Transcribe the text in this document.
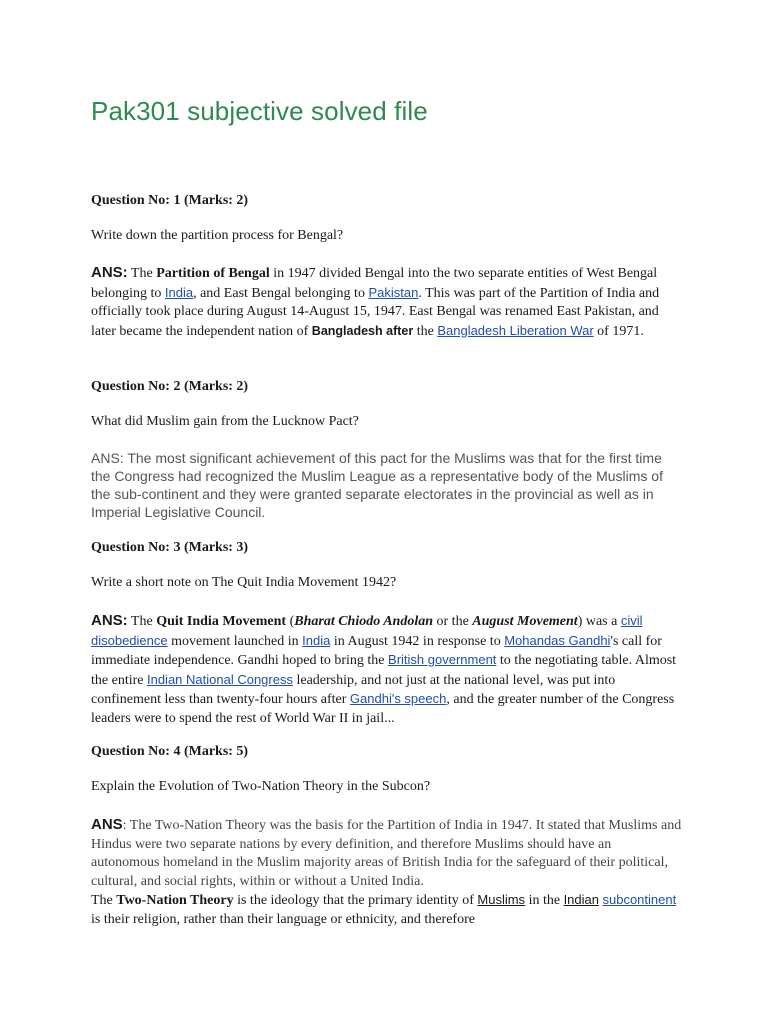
Pak301 subjective solved file
Question No: 1 (Marks: 2)
Write down the partition process for Bengal?
ANS: The Partition of Bengal in 1947 divided Bengal into the two separate entities of West Bengal belonging to India, and East Bengal belonging to Pakistan. This was part of the Partition of India and officially took place during August 14-August 15, 1947. East Bengal was renamed East Pakistan, and later became the independent nation of Bangladesh after the Bangladesh Liberation War of 1971.
Question No: 2 (Marks: 2)
What did Muslim gain from the Lucknow Pact?
ANS: The most significant achievement of this pact for the Muslims was that for the first time the Congress had recognized the Muslim League as a representative body of the Muslims of the sub-continent and they were granted separate electorates in the provincial as well as in Imperial Legislative Council.
Question No: 3 (Marks: 3)
Write a short note on The Quit India Movement 1942?
ANS: The Quit India Movement (Bharat Chiodo Andolan or the August Movement) was a civil disobedience movement launched in India in August 1942 in response to Mohandas Gandhi's call for immediate independence. Gandhi hoped to bring the British government to the negotiating table. Almost the entire Indian National Congress leadership, and not just at the national level, was put into confinement less than twenty-four hours after Gandhi's speech, and the greater number of the Congress leaders were to spend the rest of World War II in jail...
Question No: 4 (Marks: 5)
Explain the Evolution of Two-Nation Theory in the Subcon?
ANS: The Two-Nation Theory was the basis for the Partition of India in 1947. It stated that Muslims and Hindus were two separate nations by every definition, and therefore Muslims should have an autonomous homeland in the Muslim majority areas of British India for the safeguard of their political, cultural, and social rights, within or without a United India.
The Two-Nation Theory is the ideology that the primary identity of Muslims in the Indian subcontinent is their religion, rather than their language or ethnicity, and therefore
